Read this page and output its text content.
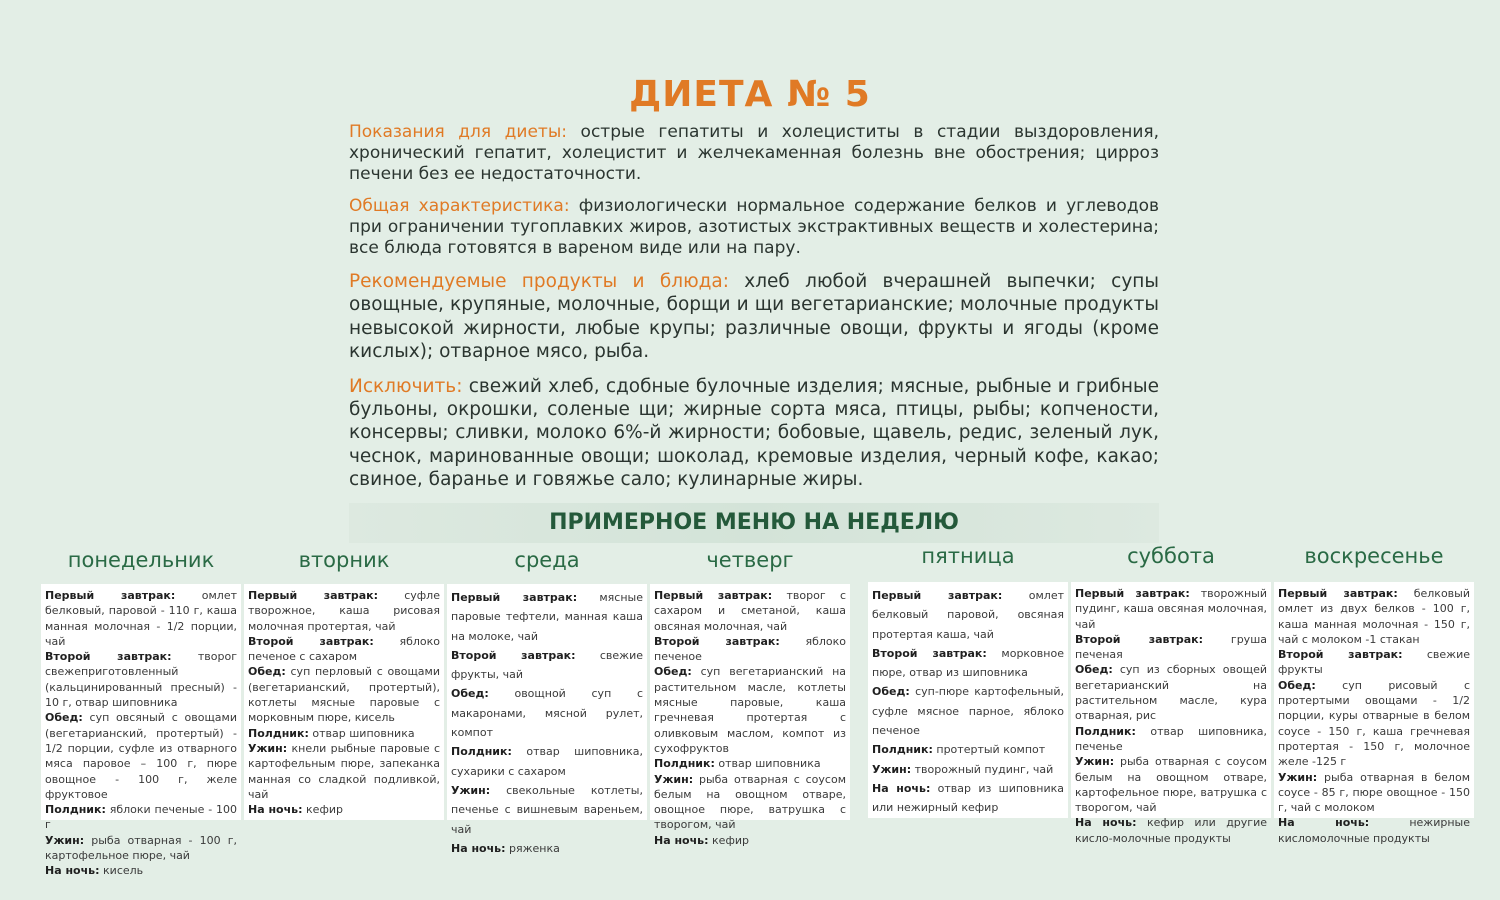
ДИЕТА № 5

Показания для диеты: острые гепатиты и холециститы в стадии выздоровления, хронический гепатит, холецистит и желчекаменная болезнь вне обострения; цирроз печени без ее недостаточности.

Общая характеристика: физиологически нормальное содержание белков и углеводов при ограничении тугоплавких жиров, азотистых экстрактивных веществ и холестерина; все блюда готовятся в вареном виде или на пару.

Рекомендуемые продукты и блюда: хлеб любой вчерашней выпечки; супы овощные, крупяные, молочные, борщи и щи вегетарианские; молочные продукты невысокой жирности, любые крупы; различные овощи, фрукты и ягоды (кроме кислых); отварное мясо, рыба.

Исключить: свежий хлеб, сдобные булочные изделия; мясные, рыбные и грибные бульоны, окрошки, соленые щи; жирные сорта мяса, птицы, рыбы; копчености, консервы; сливки, молоко 6%-й жирности; бобовые, щавель, редис, зеленый лук, чеснок, маринованные овощи; шоколад, кремовые изделия, черный кофе, какао; свиное, баранье и говяжье сало; кулинарные жиры.

ПРИМЕРНОЕ МЕНЮ НА НЕДЕЛЮ
понедельник	вторник	среда	четверг	пятница	суббота	воскресенье
Первый завтрак: омлет белковый, паровой - 110 г, каша манная молочная - 1/2 порции, чай
Второй завтрак: творог свежеприготовленный (кальцинированный пресный) - 10 г, отвар шиповника
Обед: суп овсяный с овощами (вегетарианский, протертый) - 1/2 порции, суфле из отварного мяса паровое – 100 г, пюре овощное - 100 г, желе фруктовое
Полдник: яблоки печеные - 100 г
Ужин: рыба отварная - 100 г, картофельное пюре, чай
На ночь: кисель
Первый завтрак: суфле творожное, каша рисовая молочная протертая, чай
Второй завтрак: яблоко печеное с сахаром
Обед: суп перловый с овощами (вегетарианский, протертый), котлеты мясные паровые с морковным пюре, кисель
Полдник: отвар шиповника
Ужин: кнели рыбные паровые с картофельным пюре, запеканка манная со сладкой подливкой, чай
На ночь: кефир
Первый завтрак: мясные паровые тефтели, манная каша на молоке, чай
Второй завтрак: свежие фрукты, чай
Обед: овощной суп с макаронами, мясной рулет, компот
Полдник: отвар шиповника, сухарики с сахаром
Ужин: свекольные котлеты, печенье с вишневым вареньем, чай
На ночь: ряженка
Первый завтрак: творог с сахаром и сметаной, каша овсяная молочная, чай
Второй завтрак: яблоко печеное
Обед: суп вегетарианский на растительном масле, котлеты мясные паровые, каша гречневая протертая с оливковым маслом, компот из сухофруктов
Полдник: отвар шиповника
Ужин: рыба отварная с соусом белым на овощном отваре, овощное пюре, ватрушка с творогом, чай
На ночь: кефир
Первый завтрак: омлет белковый паровой, овсяная протертая каша, чай
Второй завтрак: морковное пюре, отвар из шиповника
Обед: суп-пюре картофельный, суфле мясное парное, яблоко печеное
Полдник: протертый компот
Ужин: творожный пудинг, чай
На ночь: отвар из шиповника или нежирный кефир
Первый завтрак: творожный пудинг, каша овсяная молочная, чай
Второй завтрак: груша печеная
Обед: суп из сборных овощей вегетарианский на растительном масле, кура отварная, рис
Полдник: отвар шиповника, печенье
Ужин: рыба отварная с соусом белым на овощном отваре, картофельное пюре, ватрушка с творогом, чай
На ночь: кефир или другие кисло-молочные продукты
Первый завтрак: белковый омлет из двух белков - 100 г, каша манная молочная - 150 г, чай с молоком -1 стакан
Второй завтрак: свежие фрукты
Обед: суп рисовый с протертыми овощами - 1/2 порции, куры отварные в белом соусе - 150 г, каша гречневая протертая - 150 г, молочное желе -125 г
Ужин: рыба отварная в белом соусе - 85 г, пюре овощное - 150 г, чай с молоком
На ночь: нежирные кисломолочные продукты
